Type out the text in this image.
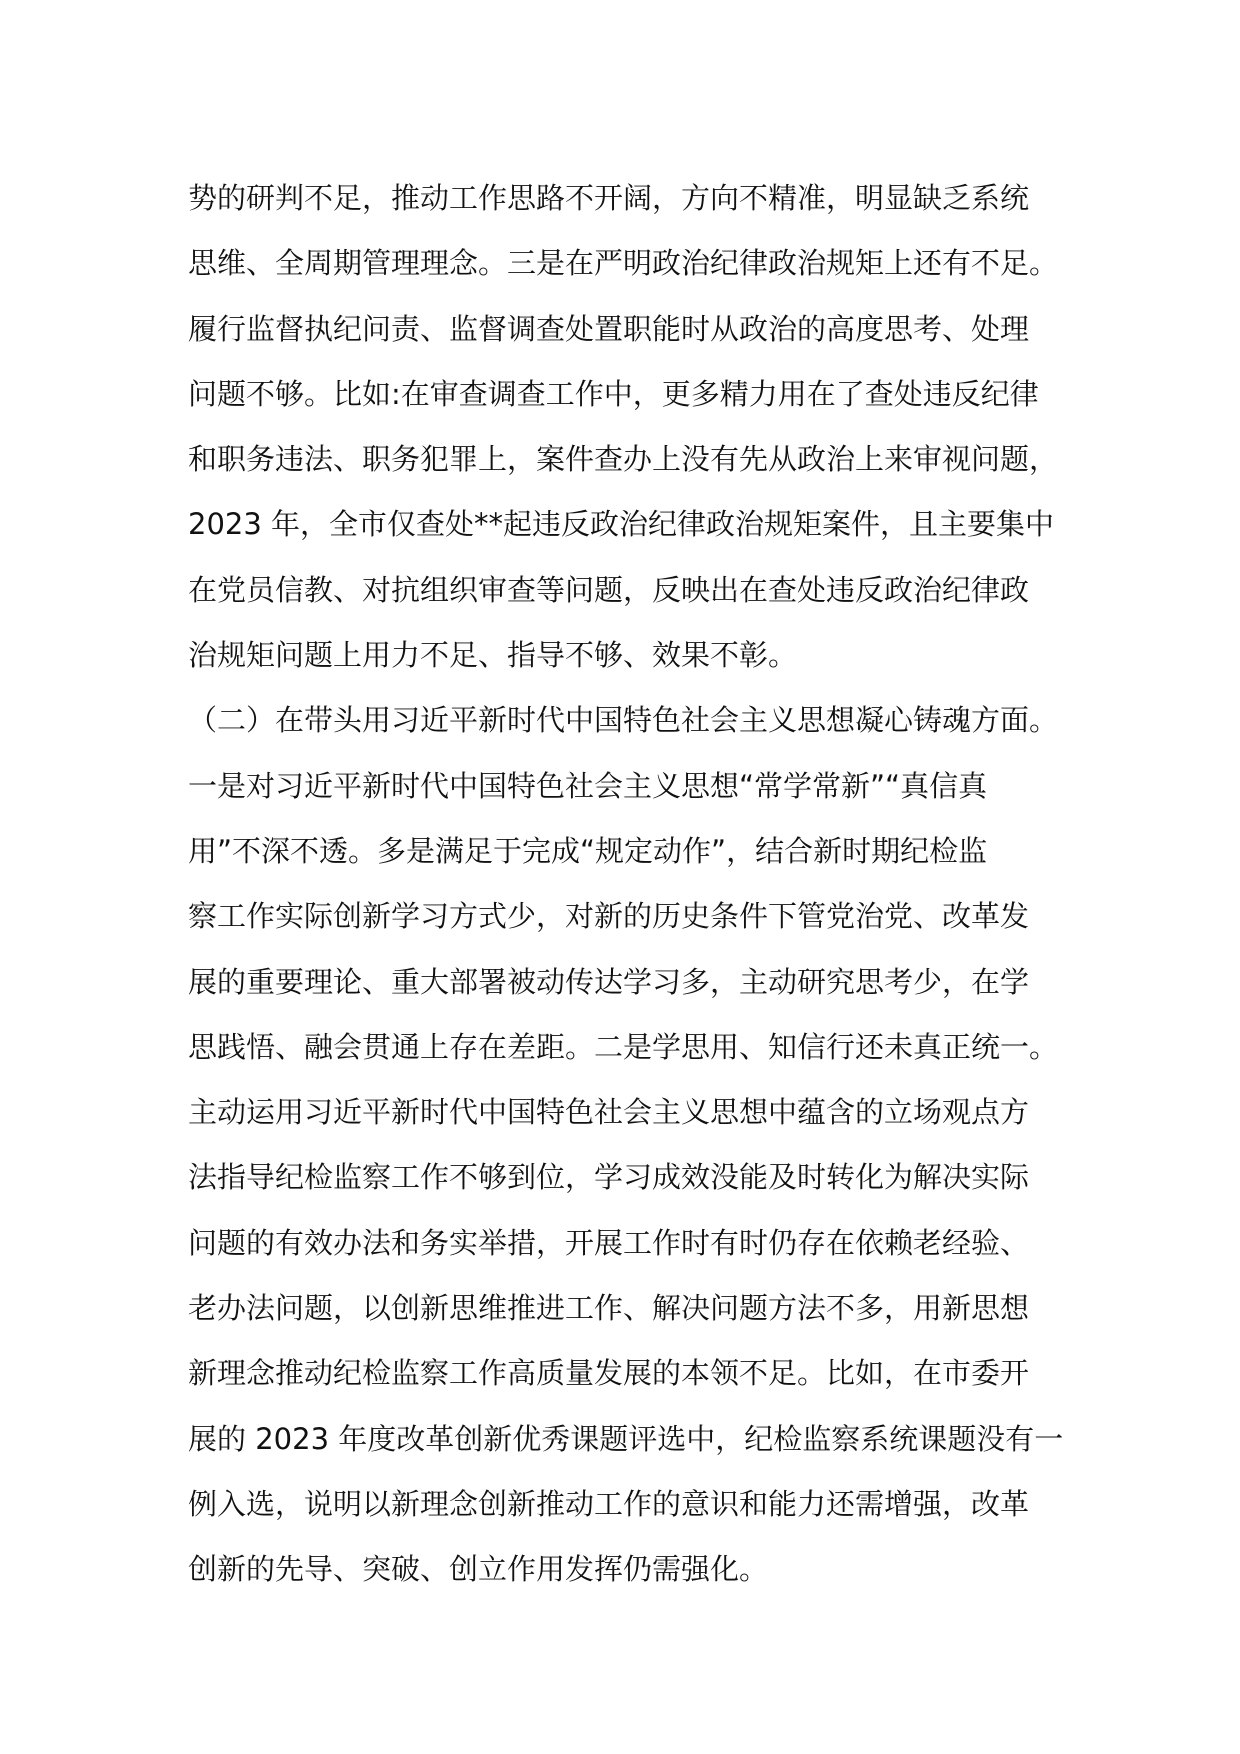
势的研判不足，推动工作思路不开阔，方向不精准，明显缺乏系统
思维、全周期管理理念。三是在严明政治纪律政治规矩上还有不足。
履行监督执纪问责、监督调查处置职能时从政治的高度思考、处理
问题不够。比如:在审查调查工作中，更多精力用在了查处违反纪律
和职务违法、职务犯罪上，案件查办上没有先从政治上来审视问题，
2023 年，全市仅查处**起违反政治纪律政治规矩案件，且主要集中
在党员信教、对抗组织审查等问题，反映出在查处违反政治纪律政
治规矩问题上用力不足、指导不够、效果不彰。
（二）在带头用习近平新时代中国特色社会主义思想凝心铸魂方面。
一是对习近平新时代中国特色社会主义思想“常学常新”“真信真
用”不深不透。多是满足于完成“规定动作”，结合新时期纪检监
察工作实际创新学习方式少，对新的历史条件下管党治党、改革发
展的重要理论、重大部署被动传达学习多，主动研究思考少，在学
思践悟、融会贯通上存在差距。二是学思用、知信行还未真正统一。
主动运用习近平新时代中国特色社会主义思想中蕴含的立场观点方
法指导纪检监察工作不够到位，学习成效没能及时转化为解决实际
问题的有效办法和务实举措，开展工作时有时仍存在依赖老经验、
老办法问题，以创新思维推进工作、解决问题方法不多，用新思想
新理念推动纪检监察工作高质量发展的本领不足。比如，在市委开
展的 2023 年度改革创新优秀课题评选中，纪检监察系统课题没有一
例入选，说明以新理念创新推动工作的意识和能力还需增强，改革
创新的先导、突破、创立作用发挥仍需强化。
